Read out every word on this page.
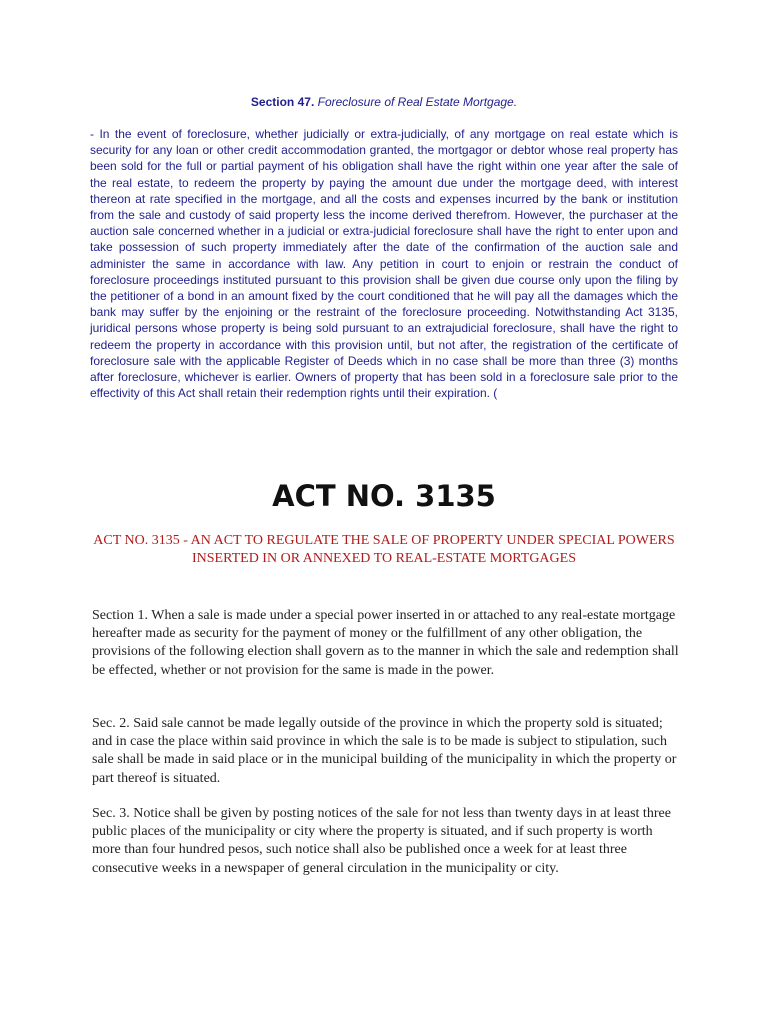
Section 47. Foreclosure of Real Estate Mortgage.

- In the event of foreclosure, whether judicially or extra-judicially, of any mortgage on real estate which is security for any loan or other credit accommodation granted, the mortgagor or debtor whose real property has been sold for the full or partial payment of his obligation shall have the right within one year after the sale of the real estate, to redeem the property by paying the amount due under the mortgage deed, with interest thereon at rate specified in the mortgage, and all the costs and expenses incurred by the bank or institution from the sale and custody of said property less the income derived therefrom. However, the purchaser at the auction sale concerned whether in a judicial or extra-judicial foreclosure shall have the right to enter upon and take possession of such property immediately after the date of the confirmation of the auction sale and administer the same in accordance with law. Any petition in court to enjoin or restrain the conduct of foreclosure proceedings instituted pursuant to this provision shall be given due course only upon the filing by the petitioner of a bond in an amount fixed by the court conditioned that he will pay all the damages which the bank may suffer by the enjoining or the restraint of the foreclosure proceeding. Notwithstanding Act 3135, juridical persons whose property is being sold pursuant to an extrajudicial foreclosure, shall have the right to redeem the property in accordance with this provision until, but not after, the registration of the certificate of foreclosure sale with the applicable Register of Deeds which in no case shall be more than three (3) months after foreclosure, whichever is earlier. Owners of property that has been sold in a foreclosure sale prior to the effectivity of this Act shall retain their redemption rights until their expiration. (

ACT NO. 3135

ACT NO. 3135 - AN ACT TO REGULATE THE SALE OF PROPERTY UNDER SPECIAL POWERS INSERTED IN OR ANNEXED TO REAL-ESTATE MORTGAGES

Section 1. When a sale is made under a special power inserted in or attached to any real-estate mortgage hereafter made as security for the payment of money or the fulfillment of any other obligation, the provisions of the following election shall govern as to the manner in which the sale and redemption shall be effected, whether or not provision for the same is made in the power.

Sec. 2. Said sale cannot be made legally outside of the province in which the property sold is situated; and in case the place within said province in which the sale is to be made is subject to stipulation, such sale shall be made in said place or in the municipal building of the municipality in which the property or part thereof is situated.

Sec. 3. Notice shall be given by posting notices of the sale for not less than twenty days in at least three public places of the municipality or city where the property is situated, and if such property is worth more than four hundred pesos, such notice shall also be published once a week for at least three consecutive weeks in a newspaper of general circulation in the municipality or city.
